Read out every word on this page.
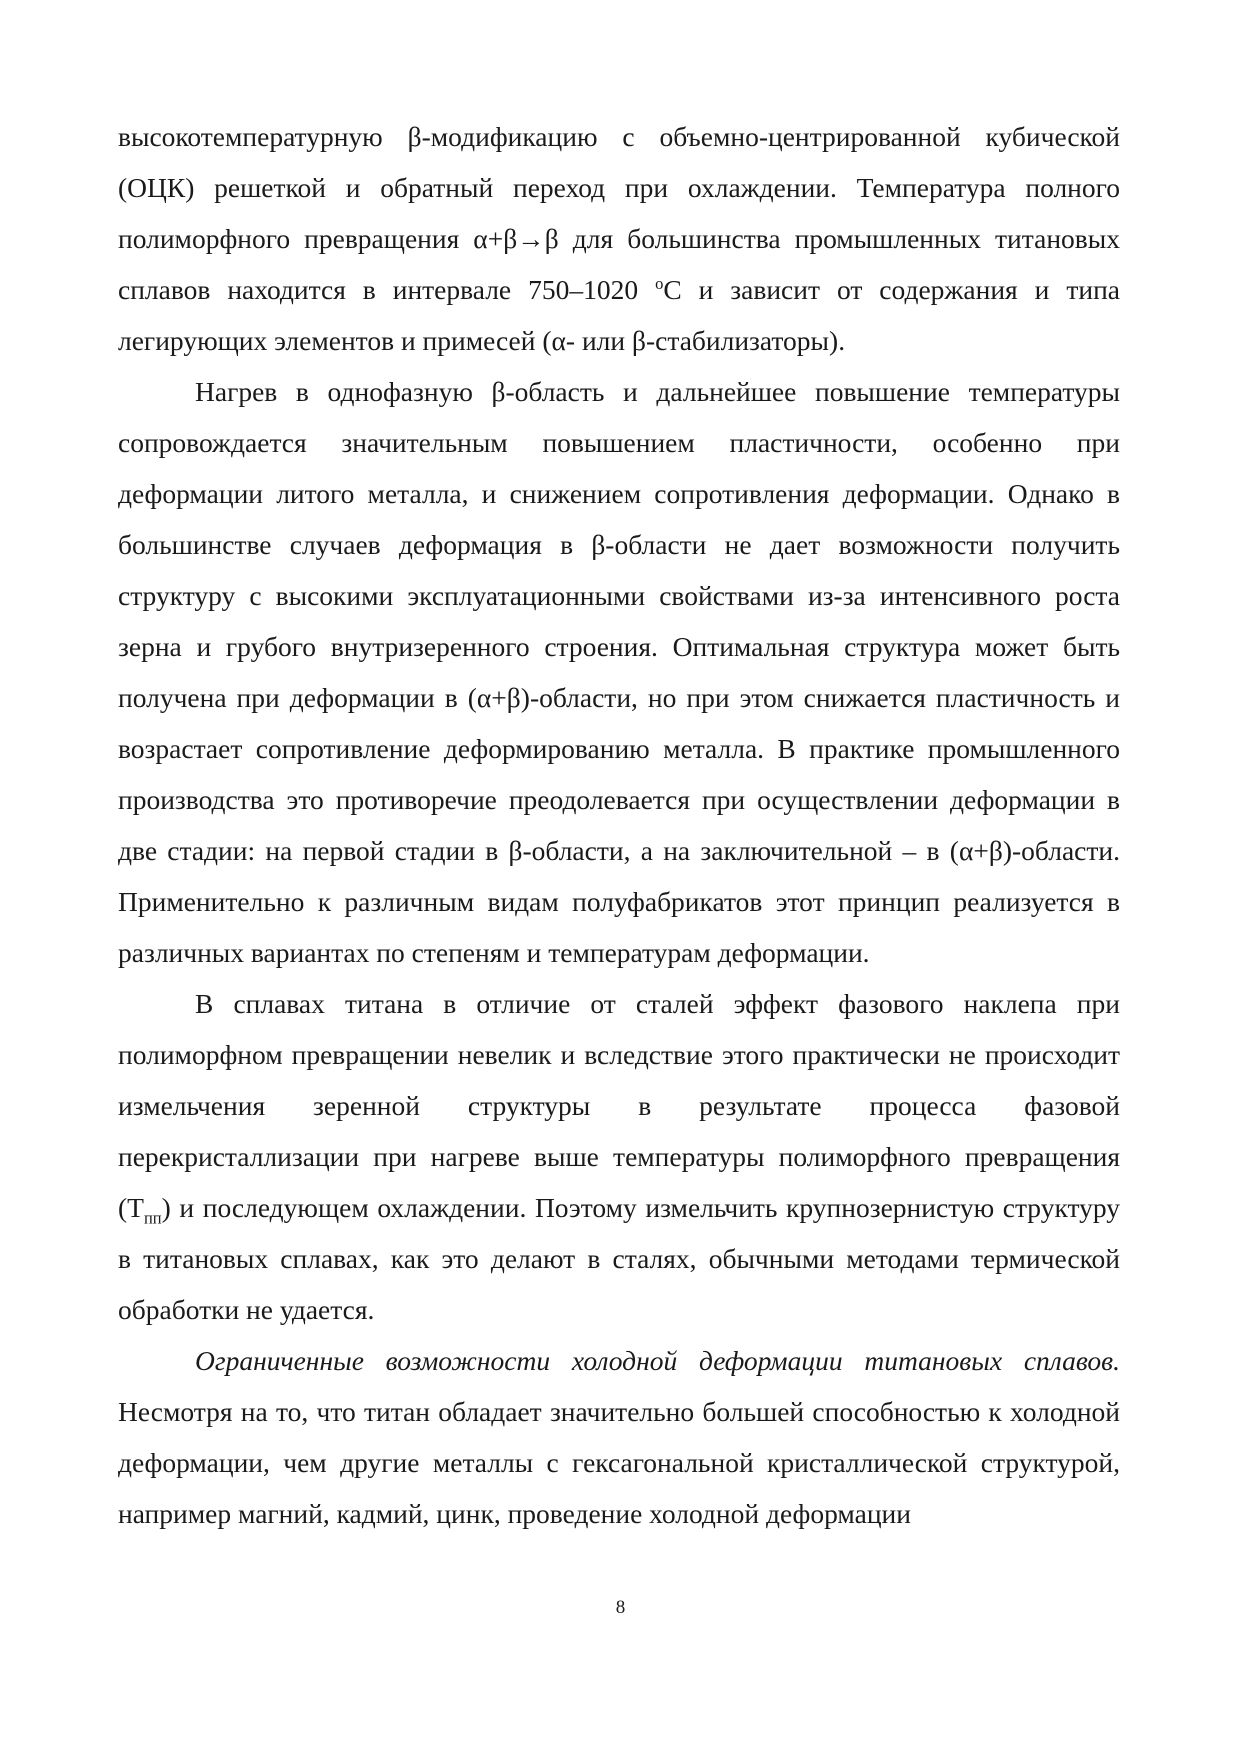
высокотемпературную β-модификацию с объемно-центрированной кубической (ОЦК) решеткой и обратный переход при охлаждении. Температура полного полиморфного превращения α+β→β для большинства промышленных титановых сплавов находится в интервале 750–1020 $^о$С и зависит от содержания и типа легирующих элементов и примесей (α- или β-стабилизаторы).

Нагрев в однофазную β-область и дальнейшее повышение температуры сопровождается значительным повышением пластичности, особенно при деформации литого металла, и снижением сопротивления деформации. Однако в большинстве случаев деформация в β-области не дает возможности получить структуру с высокими эксплуатационными свойствами из-за интенсивного роста зерна и грубого внутризеренного строения. Оптимальная структура может быть получена при деформации в (α+β)-области, но при этом снижается пластичность и возрастает сопротивление деформированию металла. В практике промышленного производства это противоречие преодолевается при осуществлении деформации в две стадии: на первой стадии в β-области, а на заключительной – в (α+β)-области. Применительно к различным видам полуфабрикатов этот принцип реализуется в различных вариантах по степеням и температурам деформации.

В сплавах титана в отличие от сталей эффект фазового наклепа при полиморфном превращении невелик и вследствие этого практически не происходит измельчения зеренной структуры в результате процесса фазовой перекристаллизации при нагреве выше температуры полиморфного превращения $(Т_{пп})$ и последующем охлаждении. Поэтому измельчить крупнозернистую структуру в титановых сплавах, как это делают в сталях, обычными методами термической обработки не удается.

Ограниченные возможности холодной деформации титановых сплавов. Несмотря на то, что титан обладает значительно большей способностью к холодной деформации, чем другие металлы с гексагональной кристаллической структурой, например магний, кадмий, цинк, проведение холодной деформации

8
